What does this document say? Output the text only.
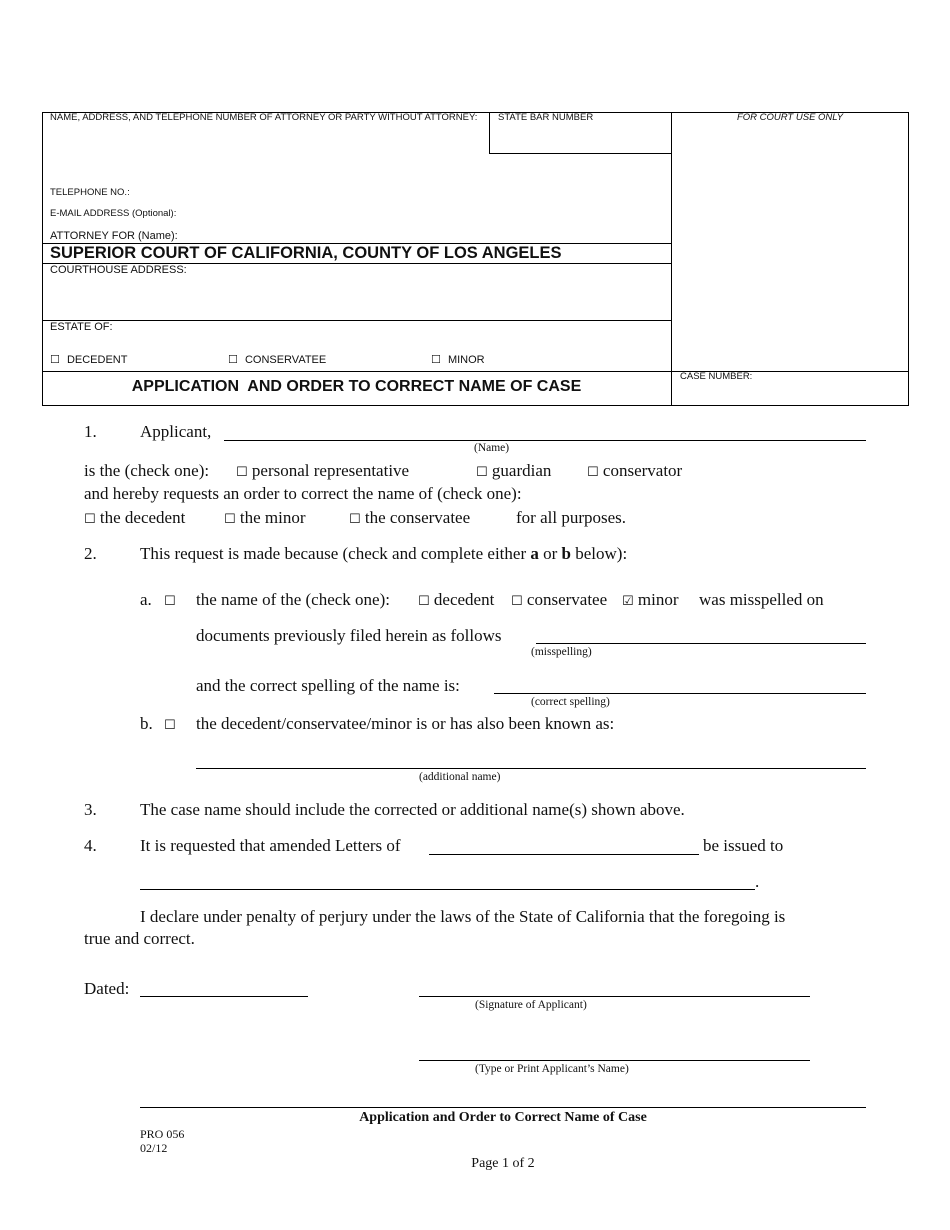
NAME, ADDRESS, AND TELEPHONE NUMBER OF ATTORNEY OR PARTY WITHOUT ATTORNEY: STATE BAR NUMBER	FOR COURT USE ONLY
TELEPHONE NO.:
E-MAIL ADDRESS (Optional):
ATTORNEY FOR (Name):
SUPERIOR COURT OF CALIFORNIA, COUNTY OF LOS ANGELES
COURTHOUSE ADDRESS:
ESTATE OF:
☐ DECEDENT	☐ CONSERVATEE	☐ MINOR
CASE NUMBER:
APPLICATION  AND ORDER TO CORRECT NAME OF CASE
1.	Applicant,
(Name)
is the (check one): ☐ personal representative	☐ guardian	☐ conservator
and hereby requests an order to correct the name of (check one):
☐ the decedent	☐ the minor	☐ the conservatee	for all purposes.
2.	This request is made because (check and complete either a or b below):
a. ☐ the name of the (check one): ☐ decedent ☐ conservatee ☑ minor was misspelled on
documents previously filed herein as follows
(misspelling)
and the correct spelling of the name is:
(correct spelling)
b. ☐ the decedent/conservatee/minor is or has also been known as:
(additional name)
3.	The case name should include the corrected or additional name(s) shown above.
4.	It is requested that amended Letters of	be issued to
.
I declare under penalty of perjury under the laws of the State of California that the foregoing is
true and correct.
Dated:
(Signature of Applicant)
(Type or Print Applicant’s Name)
Application and Order to Correct Name of Case
PRO 056
02/12
Page 1 of 2
